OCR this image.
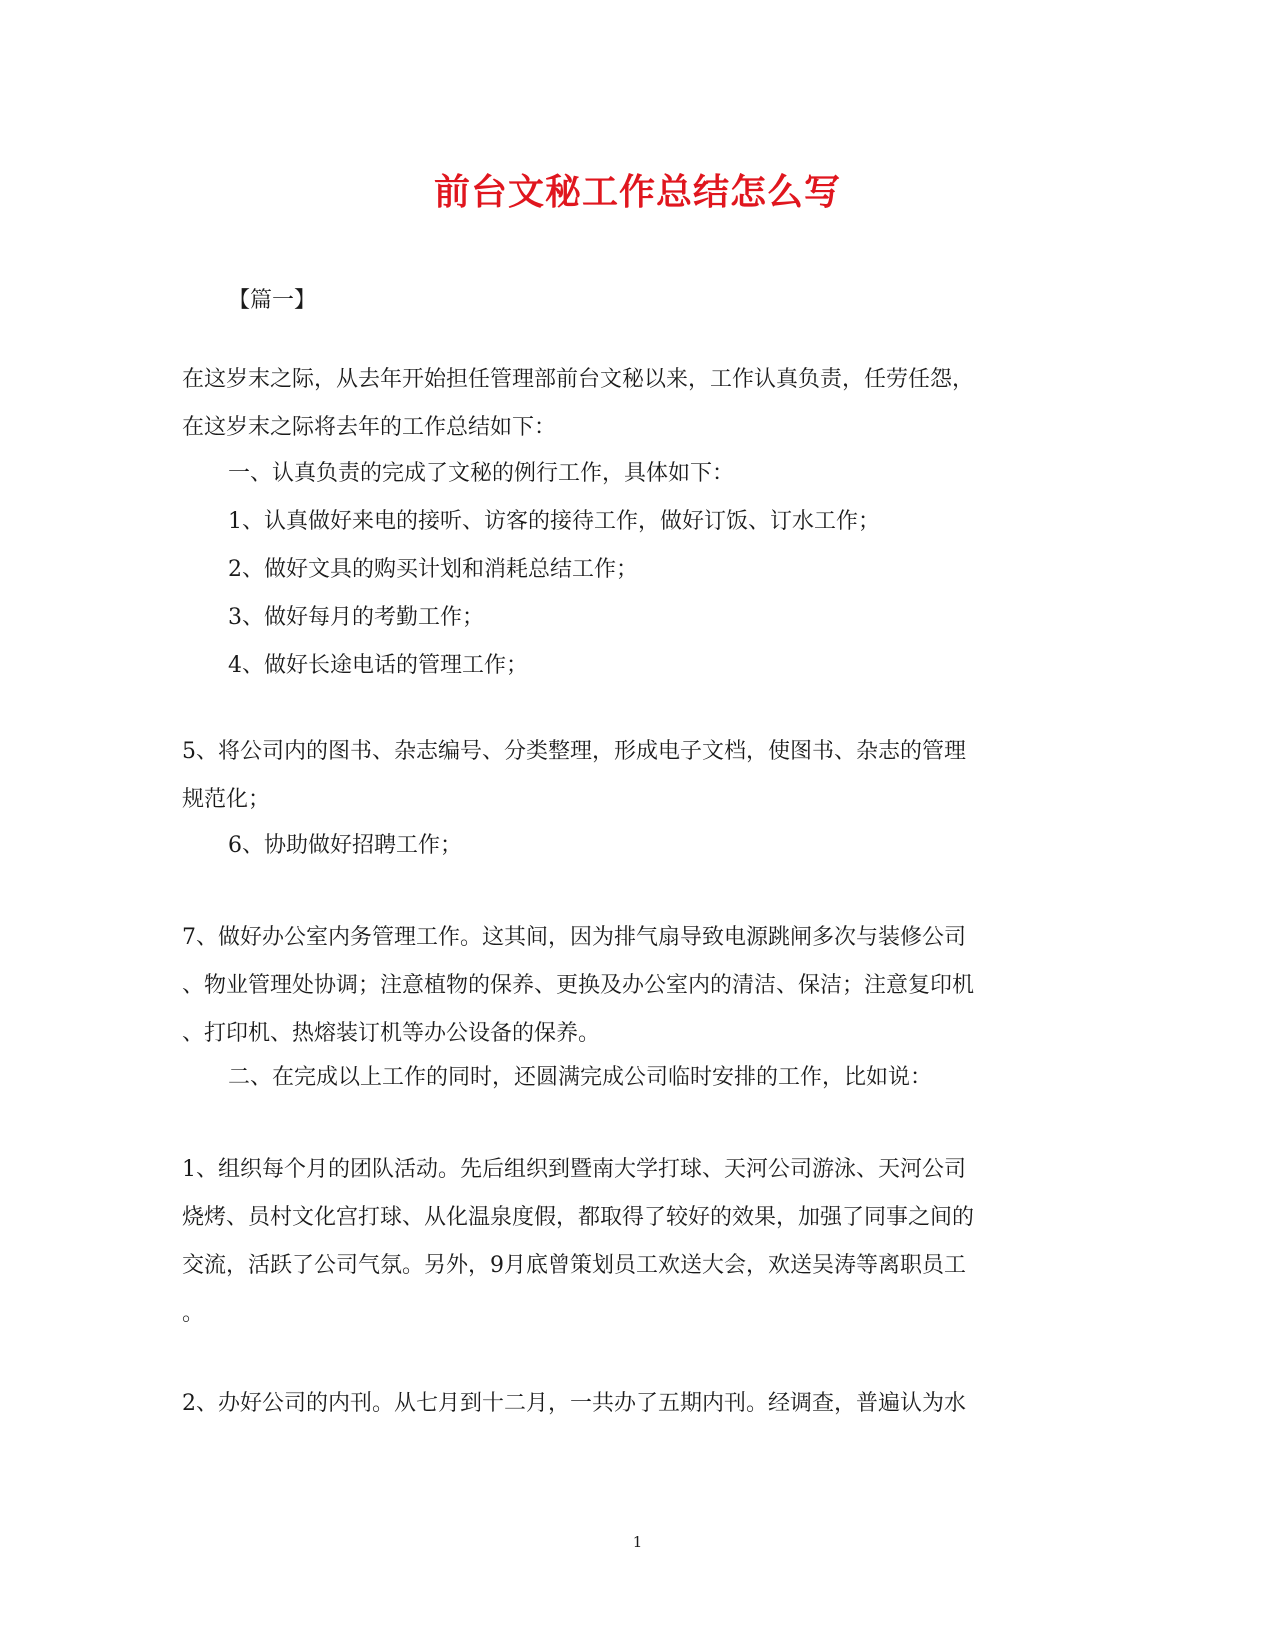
前台文秘工作总结怎么写

【篇一】

在这岁末之际，从去年开始担任管理部前台文秘以来，工作认真负责，任劳任怨，
在这岁末之际将去年的工作总结如下：

一、认真负责的完成了文秘的例行工作，具体如下：
1、认真做好来电的接听、访客的接待工作，做好订饭、订水工作；
2、做好文具的购买计划和消耗总结工作；
3、做好每月的考勤工作；
4、做好长途电话的管理工作；

5、将公司内的图书、杂志编号、分类整理，形成电子文档，使图书、杂志的管理
规范化；

6、协助做好招聘工作；

7、做好办公室内务管理工作。这其间，因为排气扇导致电源跳闸多次与装修公司
、物业管理处协调；注意植物的保养、更换及办公室内的清洁、保洁；注意复印机
、打印机、热熔装订机等办公设备的保养。

二、在完成以上工作的同时，还圆满完成公司临时安排的工作，比如说：

1、组织每个月的团队活动。先后组织到暨南大学打球、天河公司游泳、天河公司
烧烤、员村文化宫打球、从化温泉度假，都取得了较好的效果，加强了同事之间的
交流，活跃了公司气氛。另外，9月底曾策划员工欢送大会，欢送吴涛等离职员工
。

2、办好公司的内刊。从七月到十二月，一共办了五期内刊。经调查，普遍认为水

1
